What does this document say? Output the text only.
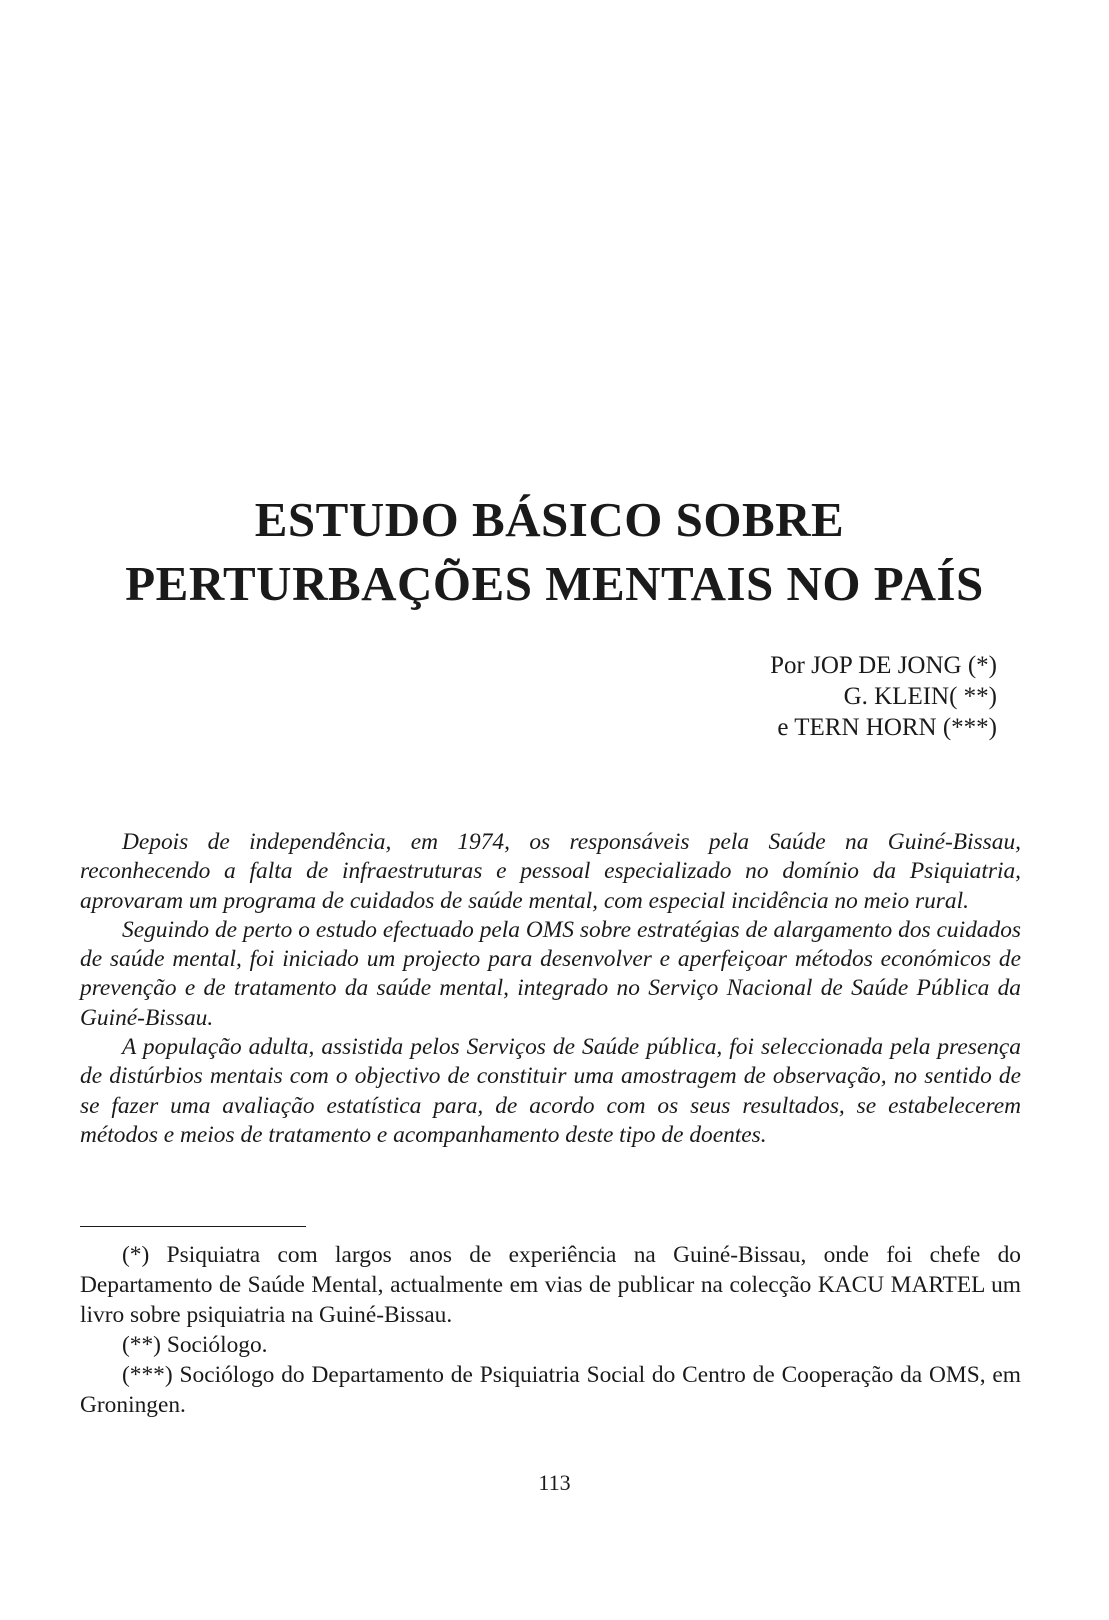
ESTUDO BÁSICO SOBRE
PERTURBAÇÕES MENTAIS NO PAÍS
Por JOP DE JONG (*)
G. KLEIN( **)
e TERN HORN (***)

Depois de independência, em 1974, os responsáveis pela Saúde na Guiné-Bissau, reconhecendo a falta de infraestruturas e pessoal especializado no domínio da Psiquiatria, aprovaram um programa de cuidados de saúde mental, com especial incidência no meio rural.

Seguindo de perto o estudo efectuado pela OMS sobre estratégias de alargamento dos cuidados de saúde mental, foi iniciado um projecto para desenvolver e aperfeiçoar métodos económicos de prevenção e de tratamento da saúde mental, integrado no Serviço Nacional de Saúde Pública da Guiné-Bissau.

A população adulta, assistida pelos Serviços de Saúde pública, foi seleccionada pela presença de distúrbios mentais com o objectivo de constituir uma amostragem de observação, no sentido de se fazer uma avaliação estatística para, de acordo com os seus resultados, se estabelecerem métodos e meios de tratamento e acompanhamento deste tipo de doentes.

(*) Psiquiatra com largos anos de experiência na Guiné-Bissau, onde foi chefe do Departamento de Saúde Mental, actualmente em vias de publicar na colecção KACU MARTEL um livro sobre psiquiatria na Guiné-Bissau.

(**) Sociólogo.

(***) Sociólogo do Departamento de Psiquiatria Social do Centro de Cooperação da OMS, em Groningen.

113
